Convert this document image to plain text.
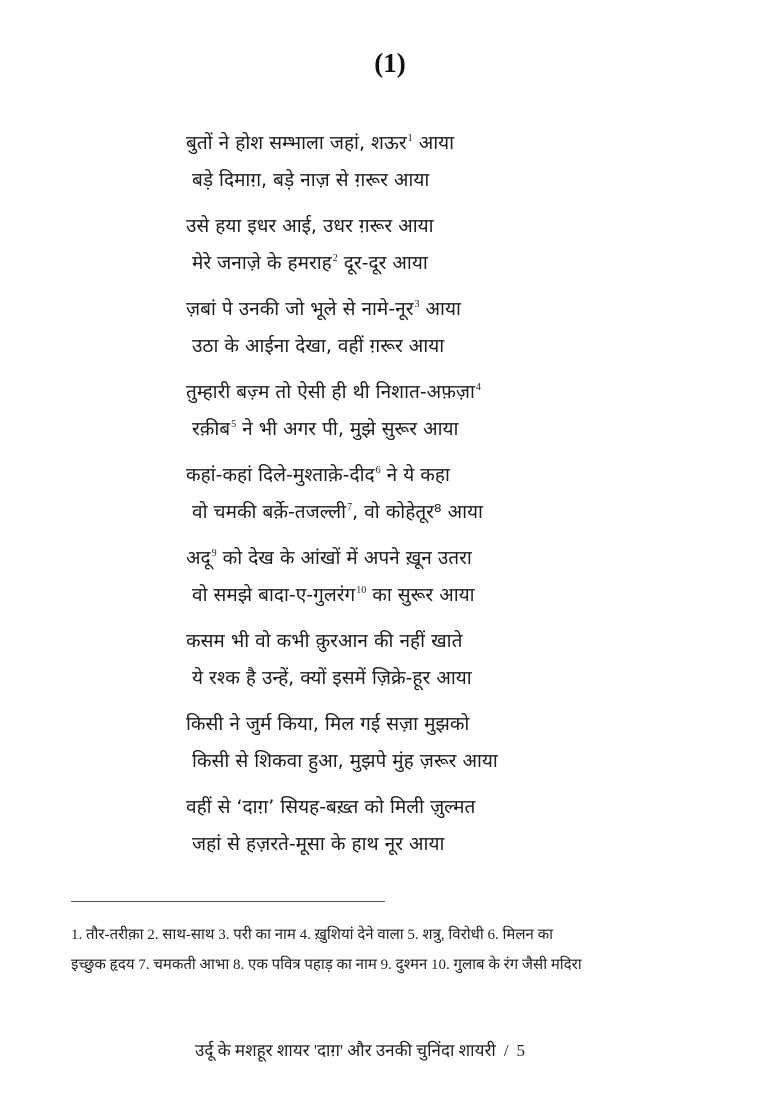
(1)
बुतों ने होश सम्भाला जहां, शऊर$^1$ आया
बड़े दिमाग़, बड़े नाज़ से ग़रूर आया
उसे हया इधर आई, उधर ग़रूर आया
मेरे जनाज़े के हमराह$^2$ दूर-दूर आया
ज़बां पे उनकी जो भूले से नामे-नूर$^3$ आया
उठा के आईना देखा, वहीं ग़रूर आया
तुम्हारी बज़्म तो ऐसी ही थी निशात-अफ़ज़ा$^4$
रक़ीब$^5$ ने भी अगर पी, मुझे सुरूर आया
कहां-कहां दिले-मुश्ताक़े-दीद$^6$ ने ये कहा
वो चमकी बर्क़े-तजल्ली$^7$, वो कोहेतूर⁸ आया
अदू$^9$ को देख के आंखों में अपने ख़ून उतरा
वो समझे बादा-ए-गुलरंग$^{10}$ का सुरूर आया
कसम भी वो कभी क़ुरआन की नहीं खाते
ये रश्क है उन्हें, क्यों इसमें ज़िक्रे-हूर आया
किसी ने जुर्म किया, मिल गई सज़ा मुझको
किसी से शिकवा हुआ, मुझपे मुंह ज़रूर आया
वहीं से ‘दाग़’ सियह-बख़्त को मिली ज़ुल्मत
जहां से हज़रते-मूसा के हाथ नूर आया
1. तौर-तरीक़ा 2. साथ-साथ 3. परी का नाम 4. ख़ुशियां देने वाला 5. शत्रु, विरोधी 6. मिलन का
इच्छुक हृदय 7. चमकती आभा 8. एक पवित्र पहाड़ का नाम 9. दुश्मन 10. गुलाब के रंग जैसी मदिरा
उर्दू के मशहूर शायर 'दाग़' और उनकी चुनिंदा शायरी / 5
